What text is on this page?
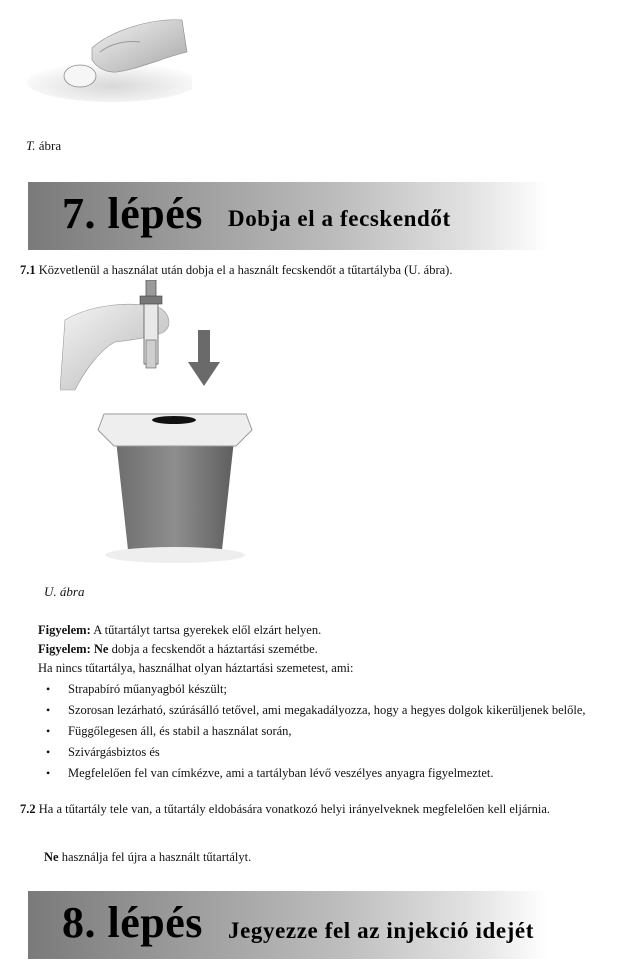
T. ábra
7. lépés Dobja el a fecskendőt
7.1 Közvetlenül a használat után dobja el a használt fecskendőt a tűtartályba (U. ábra).
U. ábra
Figyelem: A tűtartályt tartsa gyerekek elől elzárt helyen.
Figyelem: Ne dobja a fecskendőt a háztartási szemétbe.
Ha nincs tűtartálya, használhat olyan háztartási szemetest, ami:
• Strapabíró műanyagból készült;
• Szorosan lezárható, szúrásálló tetővel, ami megakadályozza, hogy a hegyes dolgok kikerüljenek belőle,
• Függőlegesen áll, és stabil a használat során,
• Szivárgásbiztos és
• Megfelelően fel van címkézve, ami a tartályban lévő veszélyes anyagra figyelmeztet.
7.2 Ha a tűtartály tele van, a tűtartály eldobására vonatkozó helyi irányelveknek megfelelően kell eljárnia.
Ne használja fel újra a használt tűtartályt.
8. lépés Jegyezze fel az injekció idejét
